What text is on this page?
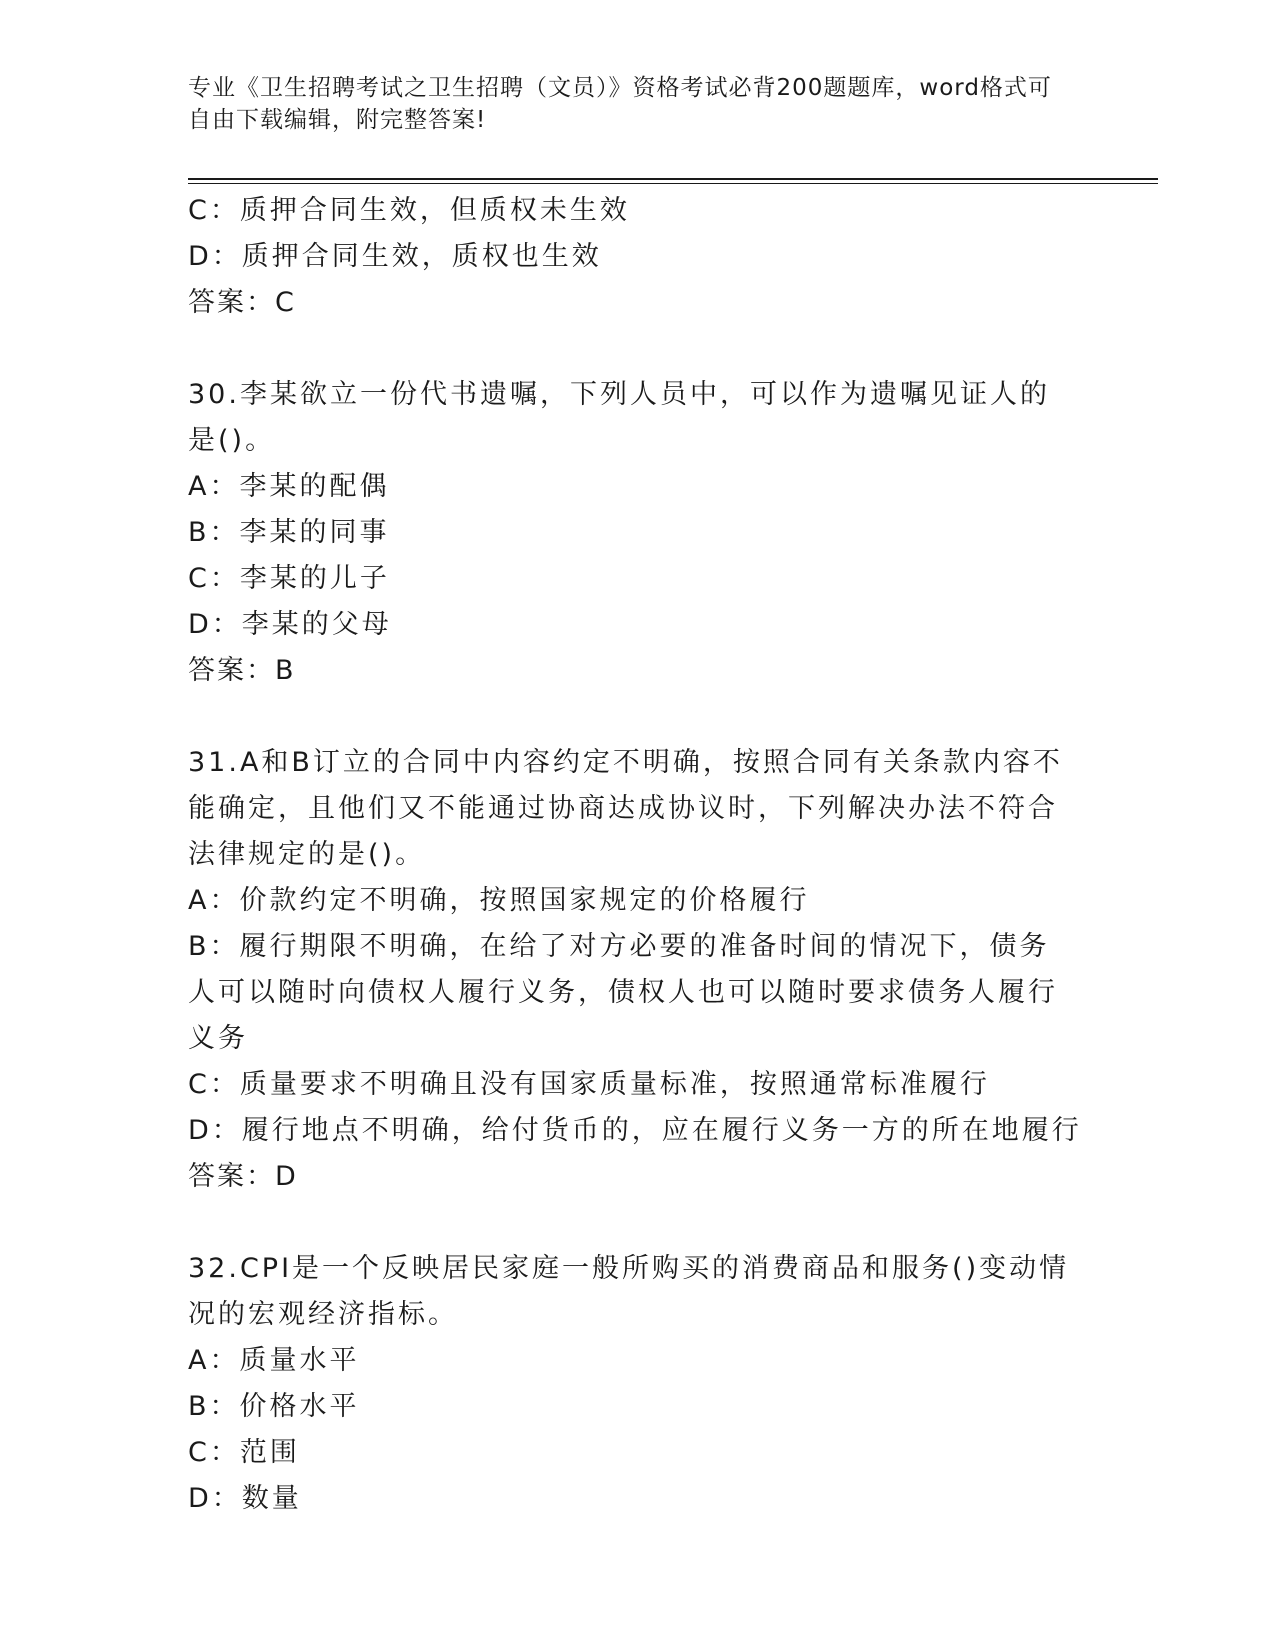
专业《卫生招聘考试之卫生招聘（文员）》资格考试必背200题题库，word格式可自由下载编辑，附完整答案!
C：质押合同生效，但质权未生效
D：质押合同生效，质权也生效
答案：C
30.李某欲立一份代书遗嘱，下列人员中，可以作为遗嘱见证人的是()。
A：李某的配偶
B：李某的同事
C：李某的儿子
D：李某的父母
答案：B
31.A和B订立的合同中内容约定不明确，按照合同有关条款内容不能确定，且他们又不能通过协商达成协议时，下列解决办法不符合法律规定的是()。
A：价款约定不明确，按照国家规定的价格履行
B：履行期限不明确，在给了对方必要的准备时间的情况下，债务人可以随时向债权人履行义务，债权人也可以随时要求债务人履行义务
C：质量要求不明确且没有国家质量标准，按照通常标准履行
D：履行地点不明确，给付货币的，应在履行义务一方的所在地履行
答案：D
32.CPI是一个反映居民家庭一般所购买的消费商品和服务()变动情况的宏观经济指标。
A：质量水平
B：价格水平
C：范围
D：数量
